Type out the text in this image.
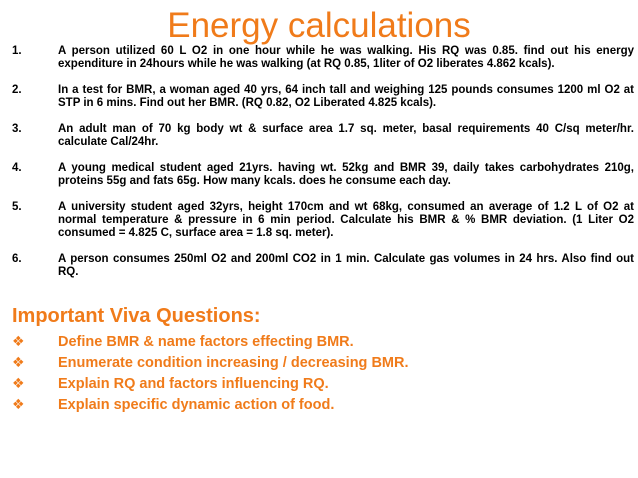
Energy calculations
1.	A person utilized 60 L O2 in one hour while he was walking. His RQ was 0.85. find out his energy expenditure in 24hours while he was walking (at RQ 0.85, 1liter of O2 liberates 4.862 kcals).
2.	In a test for BMR, a woman aged 40 yrs, 64 inch tall and weighing 125 pounds consumes 1200 ml O2 at STP in 6 mins. Find out her BMR. (RQ 0.82, O2 Liberated 4.825 kcals).
3.	An adult man of 70 kg body wt & surface area 1.7 sq. meter, basal requirements 40 C/sq meter/hr. calculate Cal/24hr.
4.	A young medical student aged 21yrs. having wt. 52kg and BMR 39, daily takes carbohydrates 210g, proteins 55g and fats 65g. How many kcals. does he consume each day.
5.	A university student aged 32yrs, height 170cm and wt 68kg, consumed an average of 1.2 L of O2 at normal temperature & pressure in 6 min period. Calculate his BMR & % BMR deviation. (1 Liter O2 consumed = 4.825 C, surface area = 1.8 sq. meter).
6.	A person consumes 250ml O2 and 200ml CO2 in 1 min. Calculate gas volumes in 24 hrs. Also find out RQ.
Important Viva Questions:
❖	Define BMR & name factors effecting BMR.
❖	Enumerate condition increasing / decreasing BMR.
❖	Explain RQ and factors influencing RQ.
❖	Explain specific dynamic action of food.
